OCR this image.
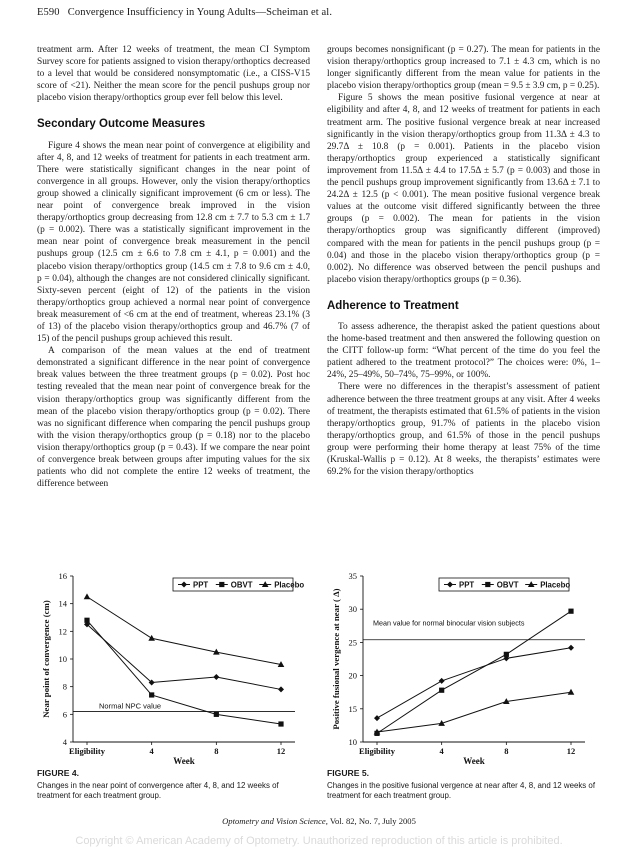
E590 Convergence Insufficiency in Young Adults—Scheiman et al.

treatment arm. After 12 weeks of treatment, the mean CI Symptom Survey score for patients assigned to vision therapy/orthoptics decreased to a level that would be considered nonsymptomatic (i.e., a CISS-V15 score of <21). Neither the mean score for the pencil pushups group nor placebo vision therapy/orthoptics group ever fell below this level.

Secondary Outcome Measures

Figure 4 shows the mean near point of convergence at eligibility and after 4, 8, and 12 weeks of treatment for patients in each treatment arm. There were statistically significant changes in the near point of convergence in all groups. However, only the vision therapy/orthoptics group showed a clinically significant improvement (6 cm or less). The near point of convergence break improved in the vision therapy/orthoptics group decreasing from 12.8 cm ± 7.7 to 5.3 cm ± 1.7 (p = 0.002). There was a statistically significant improvement in the mean near point of convergence break measurement in the pencil pushups group (12.5 cm ± 6.6 to 7.8 cm ± 4.1, p = 0.001) and the placebo vision therapy/orthoptics group (14.5 cm ± 7.8 to 9.6 cm ± 4.0, p = 0.04), although the changes are not considered clinically significant. Sixty-seven percent (eight of 12) of the patients in the vision therapy/orthoptics group achieved a normal near point of convergence break measurement of <6 cm at the end of treatment, whereas 23.1% (3 of 13) of the placebo vision therapy/orthoptics group and 46.7% (7 of 15) of the pencil pushups group achieved this result.

A comparison of the mean values at the end of treatment demonstrated a significant difference in the near point of convergence break values between the three treatment groups (p = 0.02). Post hoc testing revealed that the mean near point of convergence break for the vision therapy/orthoptics group was significantly different from the mean of the placebo vision therapy/orthoptics group (p = 0.02). There was no significant difference when comparing the pencil pushups group with the vision therapy/orthoptics group (p = 0.18) nor to the placebo vision therapy/orthoptics group (p = 0.43). If we compare the near point of convergence break between groups after imputing values for the six patients who did not complete the entire 12 weeks of treatment, the difference between

groups becomes nonsignificant (p = 0.27). The mean for patients in the vision therapy/orthoptics group increased to 7.1 ± 4.3 cm, which is no longer significantly different from the mean value for patients in the placebo vision therapy/orthoptics group (mean = 9.5 ± 3.9 cm, p = 0.25).

Figure 5 shows the mean positive fusional vergence at near at eligibility and after 4, 8, and 12 weeks of treatment for patients in each treatment arm. The positive fusional vergence break at near increased significantly in the vision therapy/orthoptics group from 11.3Δ ± 4.3 to 29.7Δ ± 10.8 (p = 0.001). Patients in the placebo vision therapy/orthoptics group experienced a statistically significant improvement from 11.5Δ ± 4.4 to 17.5Δ ± 5.7 (p = 0.003) and those in the pencil pushups group improvement significantly from 13.6Δ ± 7.1 to 24.2Δ ± 12.5 (p < 0.001). The mean positive fusional vergence break values at the outcome visit differed significantly between the three groups (p = 0.002). The mean for patients in the vision therapy/orthoptics group was significantly different (improved) compared with the mean for patients in the pencil pushups group (p = 0.04) and those in the placebo vision therapy/orthoptics group (p = 0.002). No difference was observed between the pencil pushups and placebo vision therapy/orthoptics groups (p = 0.36).

Adherence to Treatment

To assess adherence, the therapist asked the patient questions about the home-based treatment and then answered the following question on the CITT follow-up form: “What percent of the time do you feel the patient adhered to the treatment protocol?” The choices were: 0%, 1–24%, 25–49%, 50–74%, 75–99%, or 100%.

There were no differences in the therapist’s assessment of patient adherence between the three treatment groups at any visit. After 4 weeks of treatment, the therapists estimated that 61.5% of patients in the vision therapy/orthoptics group, 91.7% of patients in the placebo vision therapy/orthoptics group, and 61.5% of those in the pencil pushups group were performing their home therapy at least 75% of the time (Kruskal-Wallis p = 0.12). At 8 weeks, the therapists’ estimates were 69.2% for the vision therapy/orthoptics

4
6
8
10
12
14
16
Eligibility	4	8	12
Week
Near point of convergence (cm)	Normal NPC value
PPT	OBVT	Placebo
FIGURE 4.
Changes in the near point of convergence after 4, 8, and 12 weeks of treatment for each treatment group.
10
15
20
25
30
35
Eligibility	4	8	12
Week
Positive fusional vergence at near ( Δ)	Mean value for normal binocular vision subjects
PPT	OBVT	Placebo
FIGURE 5.
Changes in the positive fusional vergence at near after 4, 8, and 12 weeks of treatment for each treatment group.
Optometry and Vision Science, Vol. 82, No. 7, July 2005
Copyright © American Academy of Optometry. Unauthorized reproduction of this article is prohibited.
